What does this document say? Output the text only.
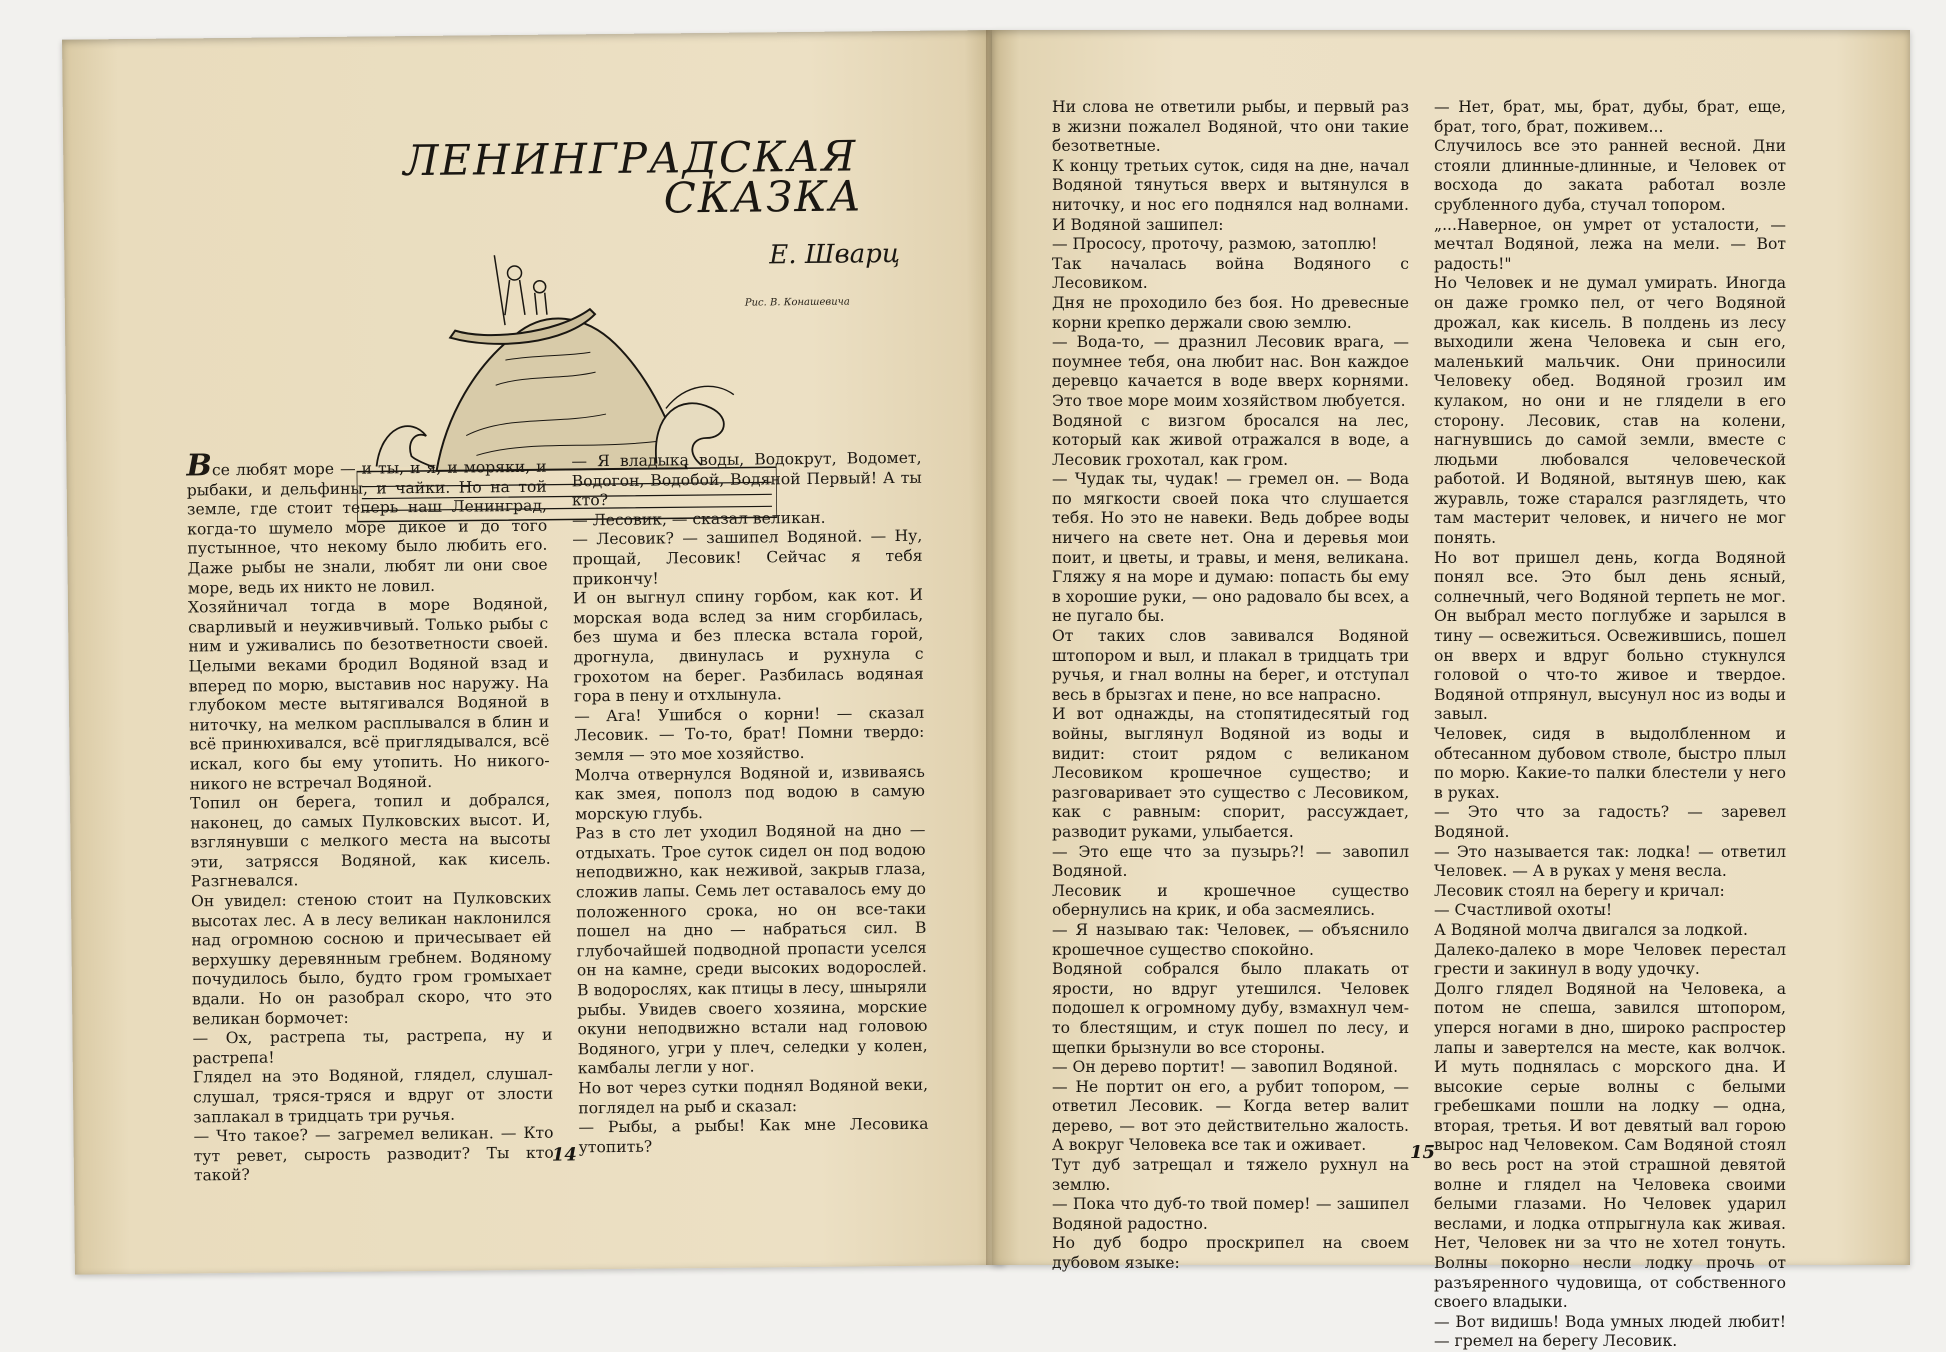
ЛЕНИНГРАДСКАЯ
СКАЗКА
Е. Шварц
Рис. В. Конашевича

Все любят море — и ты, и я, и моряки, и рыбаки, и дельфины, и чайки. Но на той земле, где стоит теперь наш Ленинград, когда-то шумело море дикое и до того пустынное, что некому было любить его. Даже рыбы не знали, любят ли они свое море, ведь их никто не ловил.
Хозяйничал тогда в море Водяной, сварливый и неуживчивый. Только рыбы с ним и уживались по безответности своей. Целыми веками бродил Водяной взад и вперед по морю, выставив нос наружу. На глубоком месте вытягивался Водяной в ниточку, на мелком расплывался в блин и всё принюхивался, всё приглядывался, всё искал, кого бы ему утопить. Но никого-никого не встречал Водяной.
Топил он берега, топил и добрался, наконец, до самых Пулковских высот. И, взглянувши с мелкого места на высоты эти, затрясся Водяной, как кисель. Разгневался.
Он увидел: стеною стоит на Пулковских высотах лес. А в лесу великан наклонился над огромною сосною и причесывает ей верхушку деревянным гребнем. Водяному почудилось было, будто гром громыхает вдали. Но он разобрал скоро, что это великан бормочет:
— Ох, растрепа ты, растрепа, ну и растрепа!
Глядел на это Водяной, глядел, слушал-слушал, тряся-тряся и вдруг от злости заплакал в тридцать три ручья.
— Что такое? — загремел великан. — Кто тут ревет, сырость разводит? Ты кто такой?

— Я владыка воды, Водокрут, Водомет, Водогон, Водобой, Водяной Первый! А ты кто?
— Лесовик, — сказал великан.
— Лесовик? — зашипел Водяной. — Ну, прощай, Лесовик! Сейчас я тебя прикончу!
И он выгнул спину горбом, как кот. И морская вода вслед за ним сгорбилась, без шума и без плеска встала горой, дрогнула, двинулась и рухнула с грохотом на берег. Разбилась водяная гора в пену и отхлынула.
— Ага! Ушибся о корни! — сказал Лесовик. — То-то, брат! Помни твердо: земля — это мое хозяйство.
Молча отвернулся Водяной и, извиваясь как змея, пополз под водою в самую морскую глубь.
Раз в сто лет уходил Водяной на дно — отдыхать. Трое суток сидел он под водою неподвижно, как неживой, закрыв глаза, сложив лапы. Семь лет оставалось ему до положенного срока, но он все-таки пошел на дно — набраться сил. В глубочайшей подводной пропасти уселся он на камне, среди высоких водорослей. В водорослях, как птицы в лесу, шныряли рыбы. Увидев своего хозяина, морские окуни неподвижно встали над головою Водяного, угри у плеч, селедки у колен, камбалы легли у ног.
Но вот через сутки поднял Водяной веки, поглядел на рыб и сказал:
— Рыбы, а рыбы! Как мне Лесовика утопить?

14

Ни слова не ответили рыбы, и первый раз в жизни пожалел Водяной, что они такие безответные.
К концу третьих суток, сидя на дне, начал Водяной тянуться вверх и вытянулся в ниточку, и нос его поднялся над волнами. И Водяной зашипел:
— Прососу, проточу, размою, затоплю!
Так началась война Водяного с Лесовиком.
Дня не проходило без боя. Но древесные корни крепко держали свою землю.
— Вода-то, — дразнил Лесовик врага, — поумнее тебя, она любит нас. Вон каждое деревцо качается в воде вверх корнями. Это твое море моим хозяйством любуется.
Водяной с визгом бросался на лес, который как живой отражался в воде, а Лесовик грохотал, как гром.
— Чудак ты, чудак! — гремел он. — Вода по мягкости своей пока что слушается тебя. Но это не навеки. Ведь добрее воды ничего на свете нет. Она и деревья мои поит, и цветы, и травы, и меня, великана. Гляжу я на море и думаю: попасть бы ему в хорошие руки, — оно радовало бы всех, а не пугало бы.
От таких слов завивался Водяной штопором и выл, и плакал в тридцать три ручья, и гнал волны на берег, и отступал весь в брызгах и пене, но все напрасно.
И вот однажды, на стопятидесятый год войны, выглянул Водяной из воды и видит: стоит рядом с великаном Лесовиком крошечное существо; и разговаривает это существо с Лесовиком, как с равным: спорит, рассуждает, разводит руками, улыбается.
— Это еще что за пузырь?! — завопил Водяной.
Лесовик и крошечное существо обернулись на крик, и оба засмеялись.
— Я называю так: Человек, — объяснило крошечное существо спокойно.
Водяной собрался было плакать от ярости, но вдруг утешился. Человек подошел к огромному дубу, взмахнул чем-то блестящим, и стук пошел по лесу, и щепки брызнули во все стороны.
— Он дерево портит! — завопил Водяной.
— Не портит он его, а рубит топором, — ответил Лесовик. — Когда ветер валит дерево, — вот это действительно жалость. А вокруг Человека все так и оживает.
Тут дуб затрещал и тяжело рухнул на землю.
— Пока что дуб-то твой помер! — зашипел Водяной радостно.
Но дуб бодро проскрипел на своем дубовом языке:

— Нет, брат, мы, брат, дубы, брат, еще, брат, того, брат, поживем...
Случилось все это ранней весной. Дни стояли длинные-длинные, и Человек от восхода до заката работал возле срубленного дуба, стучал топором.
„...Наверное, он умрет от усталости, — мечтал Водяной, лежа на мели. — Вот радость!"
Но Человек и не думал умирать. Иногда он даже громко пел, от чего Водяной дрожал, как кисель. В полдень из лесу выходили жена Человека и сын его, маленький мальчик. Они приносили Человеку обед. Водяной грозил им кулаком, но они и не глядели в его сторону. Лесовик, став на колени, нагнувшись до самой земли, вместе с людьми любовался человеческой работой. И Водяной, вытянув шею, как журавль, тоже старался разглядеть, что там мастерит человек, и ничего не мог понять.
Но вот пришел день, когда Водяной понял все. Это был день ясный, солнечный, чего Водяной терпеть не мог. Он выбрал место поглубже и зарылся в тину — освежиться. Освежившись, пошел он вверх и вдруг больно стукнулся головой о что-то живое и твердое. Водяной отпрянул, высунул нос из воды и завыл.
Человек, сидя в выдолбленном и обтесанном дубовом стволе, быстро плыл по морю. Какие-то палки блестели у него в руках.
— Это что за гадость? — заревел Водяной.
— Это называется так: лодка! — ответил Человек. — А в руках у меня весла.
Лесовик стоял на берегу и кричал:
— Счастливой охоты!
А Водяной молча двигался за лодкой.
Далеко-далеко в море Человек перестал грести и закинул в воду удочку.
Долго глядел Водяной на Человека, а потом не спеша, завился штопором, уперся ногами в дно, широко распростер лапы и завертелся на месте, как волчок. И муть поднялась с морского дна. И высокие серые волны с белыми гребешками пошли на лодку — одна, вторая, третья. И вот девятый вал горою вырос над Человеком. Сам Водяной стоял во весь рост на этой страшной девятой волне и глядел на Человека своими белыми глазами. Но Человек ударил веслами, и лодка отпрыгнула как живая. Нет, Человек ни за что не хотел тонуть. Волны покорно несли лодку прочь от разъяренного чудовища, от собственного своего владыки.
— Вот видишь! Вода умных людей любит! — гремел на берегу Лесовик.

15
